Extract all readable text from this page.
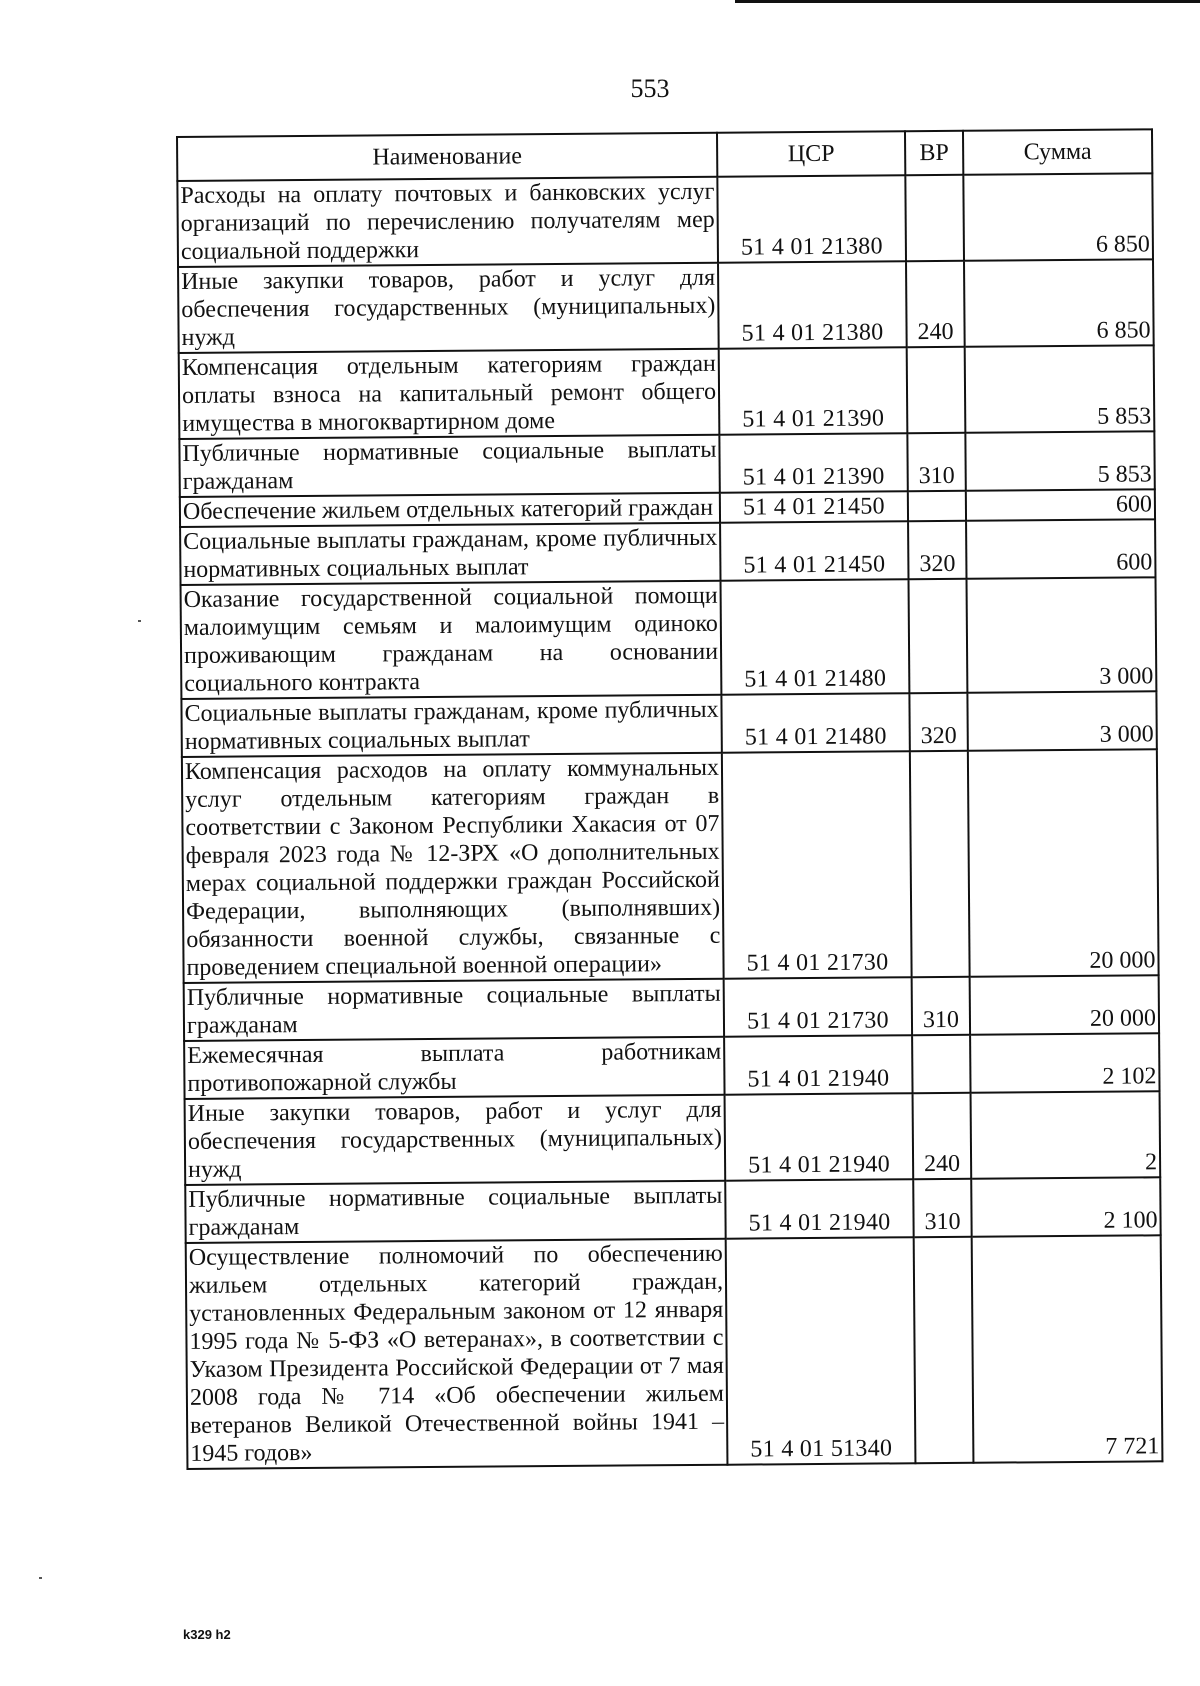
553
Наименование	ЦСР	ВР	Сумма
Расходы на оплату почтовых и банковских услуг организаций по перечислению получателям мер социальной поддержки	51 4 01 21380		6 850
Иные закупки товаров, работ и услуг для обеспечения государственных (муниципальных) нужд	51 4 01 21380	240	6 850
Компенсация отдельным категориям граждан оплаты взноса на капитальный ремонт общего имущества в многоквартирном доме	51 4 01 21390		5 853
Публичные нормативные социальные выплаты гражданам	51 4 01 21390	310	5 853
Обеспечение жильем отдельных категорий граждан	51 4 01 21450		600
Социальные выплаты гражданам, кроме публичных нормативных социальных выплат	51 4 01 21450	320	600
Оказание государственной социальной помощи малоимущим семьям и малоимущим одиноко проживающим гражданам на основании социального контракта	51 4 01 21480		3 000
Социальные выплаты гражданам, кроме публичных нормативных социальных выплат	51 4 01 21480	320	3 000
Компенсация расходов на оплату коммунальных услуг отдельным категориям граждан в соответствии с Законом Республики Хакасия от 07 февраля 2023 года № 12-ЗРХ «О дополнительных мерах социальной поддержки граждан Российской Федерации, выполняющих (выполнявших) обязанности военной службы, связанные с проведением специальной военной операции»	51 4 01 21730		20 000
Публичные нормативные социальные выплаты гражданам	51 4 01 21730	310	20 000
Ежемесячная выплата работникам противопожарной службы	51 4 01 21940		2 102
Иные закупки товаров, работ и услуг для обеспечения государственных (муниципальных) нужд	51 4 01 21940	240	2
Публичные нормативные социальные выплаты гражданам	51 4 01 21940	310	2 100
Осуществление полномочий по обеспечению жильем отдельных категорий граждан, установленных Федеральным законом от 12 января 1995 года № 5-ФЗ «О ветеранах», в соответствии с Указом Президента Российской Федерации от 7 мая 2008 года № 714 «Об обеспечении жильем ветеранов Великой Отечественной войны 1941 – 1945 годов»	51 4 01 51340		7 721
k329 h2
